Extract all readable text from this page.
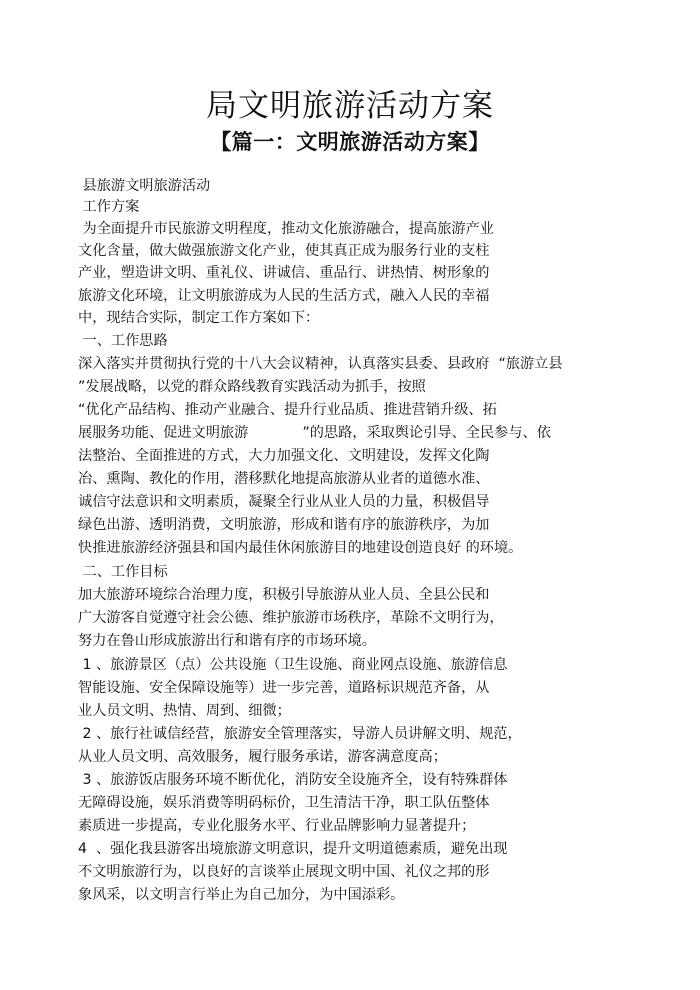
局文明旅游活动方案
【篇一：文明旅游活动方案】
县旅游文明旅游活动
工作方案
为全面提升市民旅游文明程度，推动文化旅游融合，提高旅游产业
文化含量，做大做强旅游文化产业，使其真正成为服务行业的支柱
产业，塑造讲文明、重礼仪、讲诚信、重品行、讲热情、树形象的
旅游文化环境，让文明旅游成为人民的生活方式，融入人民的幸福
中，现结合实际，制定工作方案如下：
一、工作思路
深入落实并贯彻执行党的十八大会议精神，认真落实县委、县政府  “旅游立县
”发展战略，以党的群众路线教育实践活动为抓手，按照
“优化产品结构、推动产业融合、提升行业品质、推进营销升级、拓
展服务功能、促进文明旅游            ”的思路，采取舆论引导、全民参与、依
法整治、全面推进的方式，大力加强文化、文明建设，发挥文化陶
冶、熏陶、教化的作用，潜移默化地提高旅游从业者的道德水准、
诚信守法意识和文明素质，凝聚全行业从业人员的力量，积极倡导
绿色出游、透明消费，文明旅游，形成和谐有序的旅游秩序，为加
快推进旅游经济强县和国内最佳休闲旅游目的地建设创造良好 的环境。
二、工作目标
加大旅游环境综合治理力度，积极引导旅游从业人员、全县公民和
广大游客自觉遵守社会公德、维护旅游市场秩序，革除不文明行为，
努力在鲁山形成旅游出行和谐有序的市场环境。
1 、旅游景区（点）公共设施（卫生设施、商业网点设施、旅游信息
智能设施、安全保障设施等）进一步完善，道路标识规范齐备，从
业人员文明、热情、周到、细微；
2 、旅行社诚信经营，旅游安全管理落实，导游人员讲解文明、规范，
从业人员文明、高效服务，履行服务承诺，游客满意度高；
3 、旅游饭店服务环境不断优化，消防安全设施齐全，设有特殊群体
无障碍设施，娱乐消费等明码标价，卫生清洁干净，职工队伍整体
素质进一步提高，专业化服务水平、行业品牌影响力显著提升；
4  、强化我县游客出境旅游文明意识，提升文明道德素质，避免出现
不文明旅游行为，以良好的言谈举止展现文明中国、礼仪之邦的形
象风采，以文明言行举止为自己加分，为中国添彩。
